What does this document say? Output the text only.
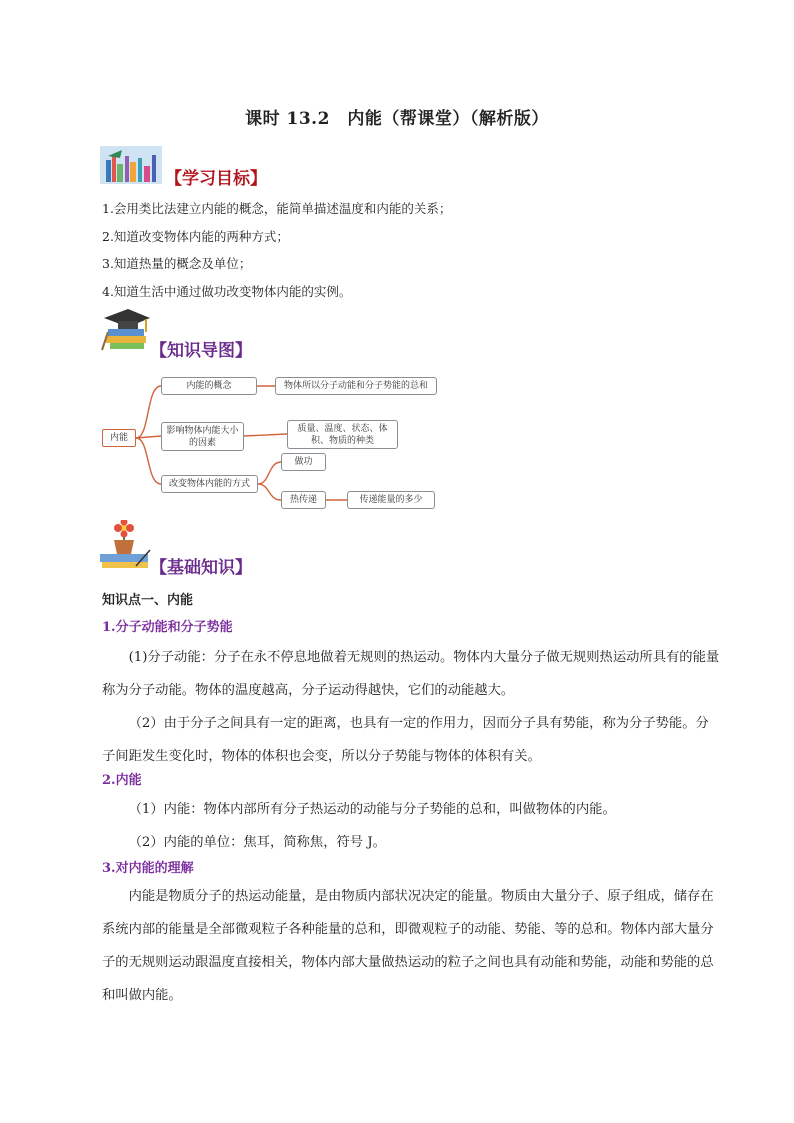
课时 13.2　内能（帮课堂）（解析版）
【学习目标】
1.会用类比法建立内能的概念，能简单描述温度和内能的关系；
2.知道改变物体内能的两种方式；
3.知道热量的概念及单位；
4.知道生活中通过做功改变物体内能的实例。
【知识导图】
内能
内能的概念	物体所以分子动能和分子势能的总和
影响物体内能大小的因素
质量、温度、状态、体积、物质的种类
改变物体内能的方式
做功
热传递	传递能量的多少
【基础知识】
知识点一、内能
1.分子动能和分子势能

(1)分子动能：分子在永不停息地做着无规则的热运动。物体内大量分子做无规则热运动所具有的能量称为分子动能。物体的温度越高，分子运动得越快，它们的动能越大。

（2）由于分子之间具有一定的距离，也具有一定的作用力，因而分子具有势能，称为分子势能。分子间距发生变化时，物体的体积也会变，所以分子势能与物体的体积有关。

2.内能

（1）内能：物体内部所有分子热运动的动能与分子势能的总和，叫做物体的内能。

（2）内能的单位：焦耳，简称焦，符号 J。

3.对内能的理解

内能是物质分子的热运动能量，是由物质内部状况决定的能量。物质由大量分子、原子组成，储存在系统内部的能量是全部微观粒子各种能量的总和，即微观粒子的动能、势能、等的总和。物体内部大量分子的无规则运动跟温度直接相关，物体内部大量做热运动的粒子之间也具有动能和势能，动能和势能的总和叫做内能。
